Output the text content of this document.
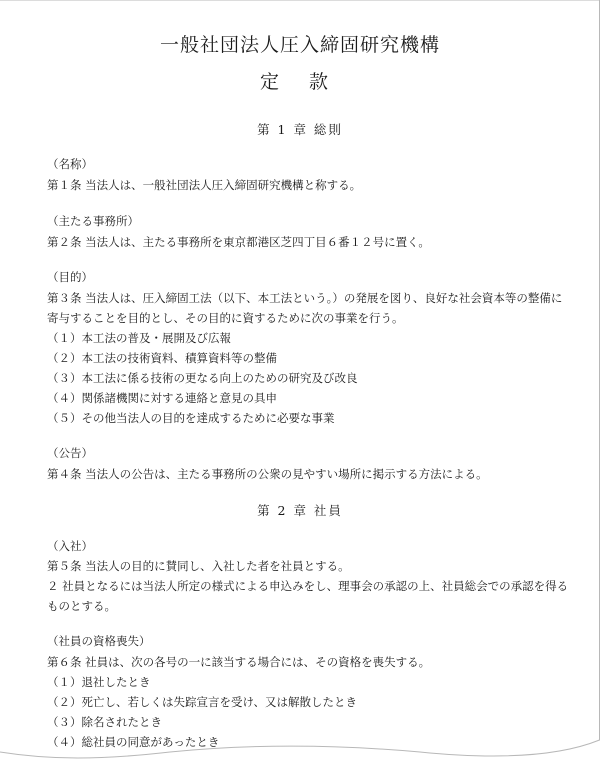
一般社団法人圧入締固研究機構
定 款
第 1 章 総則
（名称）
第１条 当法人は、一般社団法人圧入締固研究機構と称する。
（主たる事務所）
第２条 当法人は、主たる事務所を東京都港区芝四丁目６番１２号に置く。
（目的）
第３条 当法人は、圧入締固工法（以下、本工法という。）の発展を図り、良好な社会資本等の整備に
寄与することを目的とし、その目的に資するために次の事業を行う。
（１）本工法の普及・展開及び広報
（２）本工法の技術資料、積算資料等の整備
（３）本工法に係る技術の更なる向上のための研究及び改良
（４）関係諸機関に対する連絡と意見の具申
（５）その他当法人の目的を達成するために必要な事業
（公告）
第４条 当法人の公告は、主たる事務所の公衆の見やすい場所に掲示する方法による。
第 2 章 社員
（入社）
第５条 当法人の目的に賛同し、入社した者を社員とする。
２ 社員となるには当法人所定の様式による申込みをし、理事会の承認の上、社員総会での承認を得る
ものとする。
（社員の資格喪失）
第６条 社員は、次の各号の一に該当する場合には、その資格を喪失する。
（１）退社したとき
（２）死亡し、若しくは失踪宣言を受け、又は解散したとき
（３）除名されたとき
（４）総社員の同意があったとき
